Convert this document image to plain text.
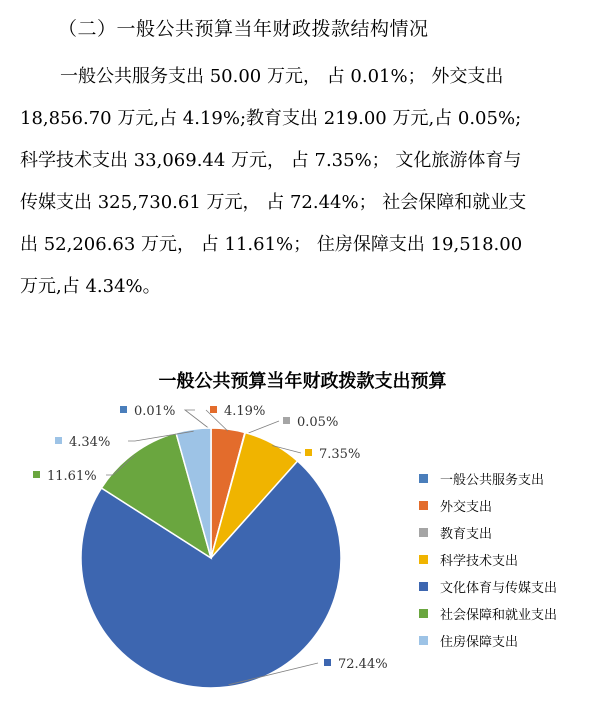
（二）一般公共预算当年财政拨款结构情况
一般公共服务支出 50.00 万元， 占 0.01%； 外交支出
18,856.70 万元,占 4.19%;教育支出 219.00 万元,占 0.05%;
科学技术支出 33,069.44 万元， 占 7.35%； 文化旅游体育与
传媒支出 325,730.61 万元， 占 72.44%； 社会保障和就业支
出 52,206.63 万元， 占 11.61%； 住房保障支出 19,518.00
万元,占 4.34%。
一般公共预算当年财政拨款支出预算
0.01%	4.19%
0.05%
7.35%
72.44%
11.61%
4.34%
一般公共服务支出
外交支出
教育支出
科学技术支出
文化体育与传媒支出
社会保障和就业支出
住房保障支出
